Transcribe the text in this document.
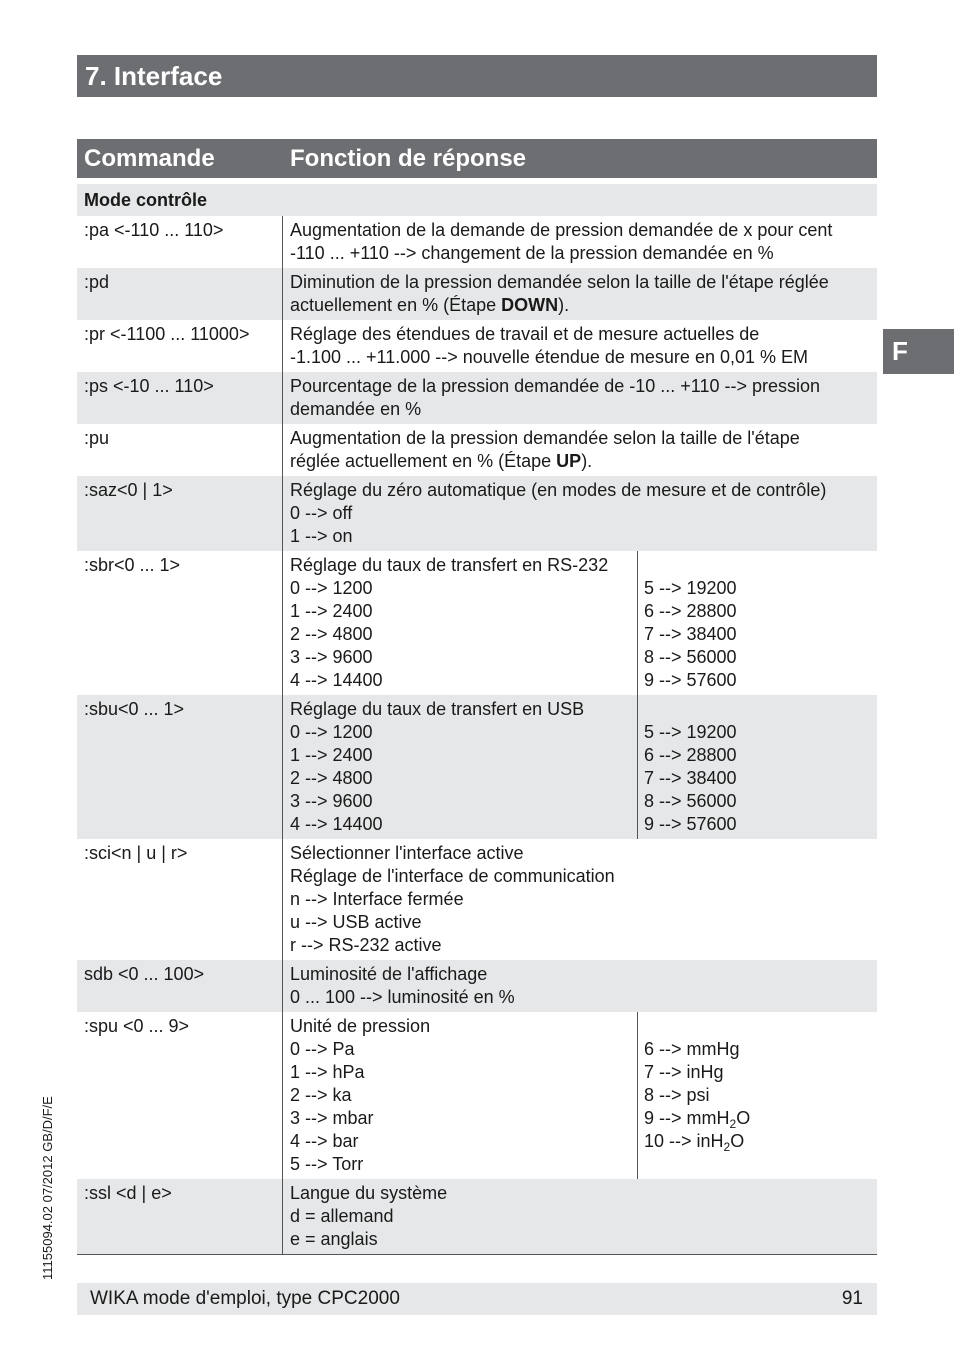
7. Interface
Commande	Fonction de réponse
Mode contrôle
:pa <-110 ... 110>	Augmentation de la demande de pression demandée de x pour cent
-110 ... +110 --> changement de la pression demandée en %
:pd	Diminution de la pression demandée selon la taille de l'étape réglée
actuellement en % (Étape DOWN).
:pr <-1100 ... 11000>	Réglage des étendues de travail et de mesure actuelles de
-1.100 ... +11.000 --> nouvelle étendue de mesure en 0,01 % EM
:ps <-10 ... 110>	Pourcentage de la pression demandée de -10 ... +110 --> pression
demandée en %
:pu	Augmentation de la pression demandée selon la taille de l'étape
réglée actuellement en % (Étape UP).
:saz<0 | 1>	Réglage du zéro automatique (en modes de mesure et de contrôle)
0 --> off
1 --> on
:sbr<0 ... 1>	Réglage du taux de transfert en RS-232
0 --> 1200
1 --> 2400
2 --> 4800
3 --> 9600
4 --> 14400
5 --> 19200
6 --> 28800
7 --> 38400
8 --> 56000
9 --> 57600
:sbu<0 ... 1>	Réglage du taux de transfert en USB
0 --> 1200
1 --> 2400
2 --> 4800
3 --> 9600
4 --> 14400
5 --> 19200
6 --> 28800
7 --> 38400
8 --> 56000
9 --> 57600
:sci<n | u | r>	Sélectionner l'interface active
Réglage de l'interface de communication
n --> Interface fermée
u --> USB active
r --> RS-232 active
sdb <0 ... 100>	Luminosité de l'affichage
0 ... 100 --> luminosité en %
:spu <0 ... 9>	Unité de pression
0 --> Pa
1 --> hPa
2 --> ka
3 --> mbar
4 --> bar
5 --> Torr
6 --> mmHg
7 --> inHg
8 --> psi
9 --> mmH$_2$O
10 --> inH$_2$O
:ssl <d | e>	Langue du système
d = allemand
e = anglais
F
11155094.02 07/2012 GB/D/F/E
WIKA mode d'emploi, type CPC2000	91
